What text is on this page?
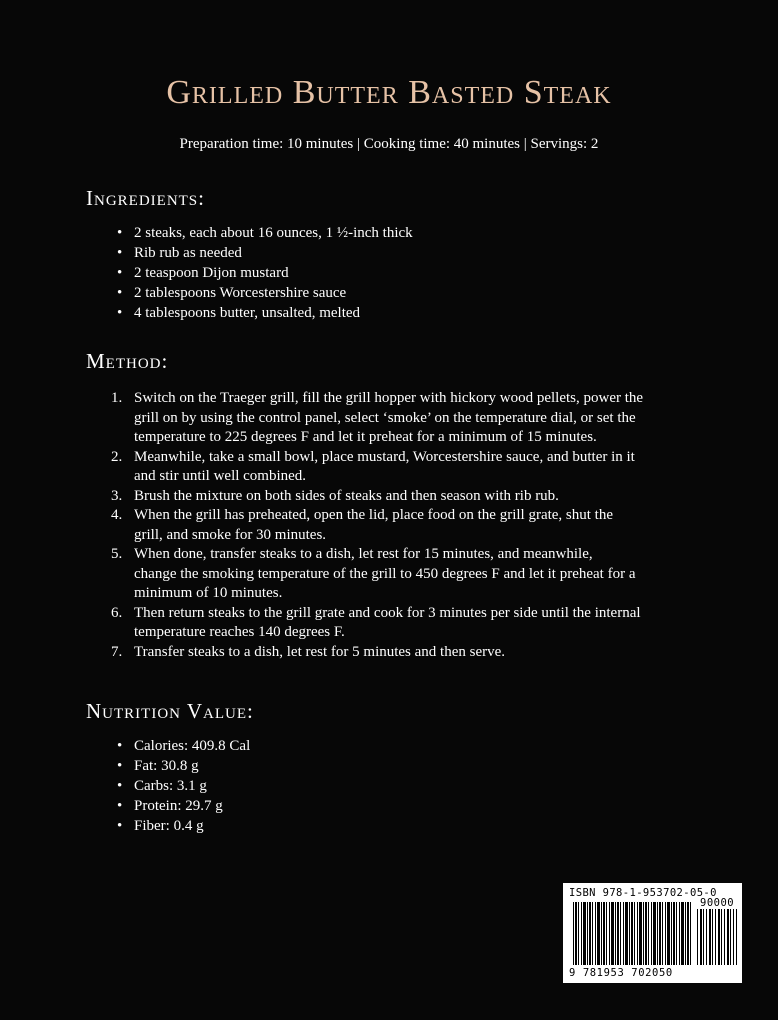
Grilled Butter Basted Steak
Preparation time: 10 minutes | Cooking time: 40 minutes | Servings: 2
Ingredients:
• 2 steaks, each about 16 ounces, 1 ½-inch thick
• Rib rub as needed
• 2 teaspoon Dijon mustard
• 2 tablespoons Worcestershire sauce
• 4 tablespoons butter, unsalted, melted
Method:
1. Switch on the Traeger grill, fill the grill hopper with hickory wood pellets, power the
grill on by using the control panel, select ‘smoke’ on the temperature dial, or set the
temperature to 225 degrees F and let it preheat for a minimum of 15 minutes.
2. Meanwhile, take a small bowl, place mustard, Worcestershire sauce, and butter in it
and stir until well combined.
3. Brush the mixture on both sides of steaks and then season with rib rub.
4. When the grill has preheated, open the lid, place food on the grill grate, shut the
grill, and smoke for 30 minutes.
5. When done, transfer steaks to a dish, let rest for 15 minutes, and meanwhile,
change the smoking temperature of the grill to 450 degrees F and let it preheat for a
minimum of 10 minutes.
6. Then return steaks to the grill grate and cook for 3 minutes per side until the internal
temperature reaches 140 degrees F.
7. Transfer steaks to a dish, let rest for 5 minutes and then serve.
Nutrition Value:
• Calories: 409.8 Cal
• Fat: 30.8 g
• Carbs: 3.1 g
• Protein: 29.7 g
• Fiber: 0.4 g
ISBN 978-1-953702-05-0
90000
9 781953 702050
